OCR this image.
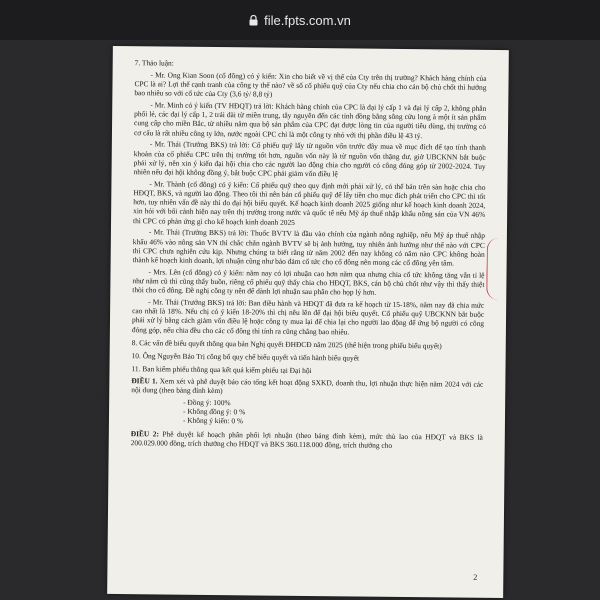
file.fpts.com.vn

7. Thảo luận:

- Mr. Ong Kian Soon (cổ đông) có ý kiến: Xin cho biết về vị thế của Cty trên thị trường? Khách hàng chính của CPC là ai? Lợi thế cạnh tranh của công ty thế nào? về số cổ phiếu quỹ của Cty nếu chia cho cán bộ chủ chốt thì hưởng bao nhiêu so với cổ tức của Cty (3,6 tỷ/ 8,8 tỷ)

- Mr. Minh có ý kiến (TV HĐQT) trả lời: Khách hàng chính của CPC là đại lý cấp 1 và đại lý cấp 2, không phân phối lẻ, các đại lý cấp 1, 2 trải dài từ miền trung, tây nguyên đến các tỉnh đồng bằng sông cửu long à một ít sản phẩm cung cấp cho miền Bắc, từ nhiều năm qua bộ sản phẩm của CPC đạt được lòng tin của người tiêu dùng, thị trường có cơ cấu là rất nhiều công ty lớn, nước ngoài CPC chỉ là một công ty nhỏ với thị phần điều lệ 43 tỷ.

- Mr. Thái (Trưởng BKS) trả lời: Cổ phiếu quỹ lấy từ nguồn vốn trước đây mua về mục đích để tạo tính thanh khoản của cổ phiếu CPC trên thị trường tốt hơn, nguồn vốn này là từ nguồn vốn thặng dư, giờ UBCKNN bắt buộc phải xử lý, nên xin ý kiến đại hội chia cho các người lao động chia cho người có công đóng góp từ 2002-2024. Tuy nhiên nếu đại hội không đồng ý, bắt buộc CPC phải giảm vốn điều lệ

- Mr. Thành (cổ đông) có ý kiến: Cổ phiếu quỹ theo quy định mới phải xử lý, có thể bán trên sàn hoặc chia cho HĐQT, BKS, và người lao động. Theo tôi thì nên bán cổ phiếu quỹ để lấy tiền cho mục đích phát triển cho CPC thì tốt hơn, tuy nhiên vấn đề này thì do đại hội biểu quyết. Kế hoạch kinh doanh 2025 giống như kế hoạch kinh doanh 2024, xin hỏi với bối cảnh hiện nay trên thị trường trong nước và quốc tế nếu Mỹ áp thuế nhập khẩu nông sản của VN 46% thì CPC có phản ứng gì cho kế hoạch kinh doanh 2025

- Mr. Thái (Trưởng BKS) trả lời: Thuốc BVTV là đầu vào chính của ngành nông nghiệp, nếu Mỹ áp thuế nhập khẩu 46% vào nông sản VN thì chắc chắn ngành BVTV sẽ bị ảnh hưởng, tuy nhiên ảnh hưởng như thế nào với CPC thì CPC chưa nghiên cứu kịp. Nhưng chúng ta biết rằng từ năm 2002 đến nay không có năm nào CPC không hoàn thành kế hoạch kinh doanh, lợi nhuận cũng như bảo đảm cổ tức cho cổ đông nên mong các cổ đông yên tâm.

- Mrs. Lên (cổ đông) có ý kiến: năm nay có lợi nhuận cao hơn năm qua nhưng chia cổ tức không tăng vẫn tỉ lệ như năm cũ thì cũng thấy buồn, riêng cổ phiếu quỹ thấy chia cho HĐQT, BKS, cán bộ chủ chốt như vậy thì thấy thiệt thòi cho cổ đông. Đề nghị công ty nên để dành lợi nhuận sau phân cho họp lý hơn.

- Mr. Thái (Trưởng BKS) trả lời: Ban điều hành và HĐQT đã đưa ra kế hoạch từ 15-18%, năm nay đã chia mức cao nhất là 18%. Nếu chị có ý kiến 18-20% thì chị nêu lên để đại hội biểu quyết. Cổ phiếu quỹ UBCKNN bắt buộc phải xử lý bằng cách giảm vốn điều lệ hoặc công ty mua lại để chia lại cho người lao động để ứng bộ người có công đóng góp, nếu chia đều cho các cổ đông thì tính ra cũng chẳng bao nhiêu.

8. Các vấn đề biểu quyết thông qua bản Nghị quyết ĐHĐCĐ năm 2025 (thể hiện trong phiếu biểu quyết)

10. Ông Nguyễn Bảo Trị công bố quy chế biểu quyết và tiến hành biểu quyết

11. Ban kiểm phiếu thông qua kết quả kiểm phiếu tại Đại hội

ĐIỀU 1. Xem xét và phê duyệt báo cáo tổng kết hoạt động SXKD, doanh thu, lợi nhuận thực hiện năm 2024 với các nội dung (theo bảng đính kèm)

- Đồng ý: 100%

- Không đồng ý: 0 %

- Không ý kiến: 0 %

ĐIỀU 2: Phê duyệt kế hoạch phân phối lợi nhuận (theo bảng đính kèm), mức thù lao của HĐQT và BKS là 200.029.000 đồng, trích thưởng cho HĐQT và BKS 360.118.000 đồng, trích thưởng cho

2
